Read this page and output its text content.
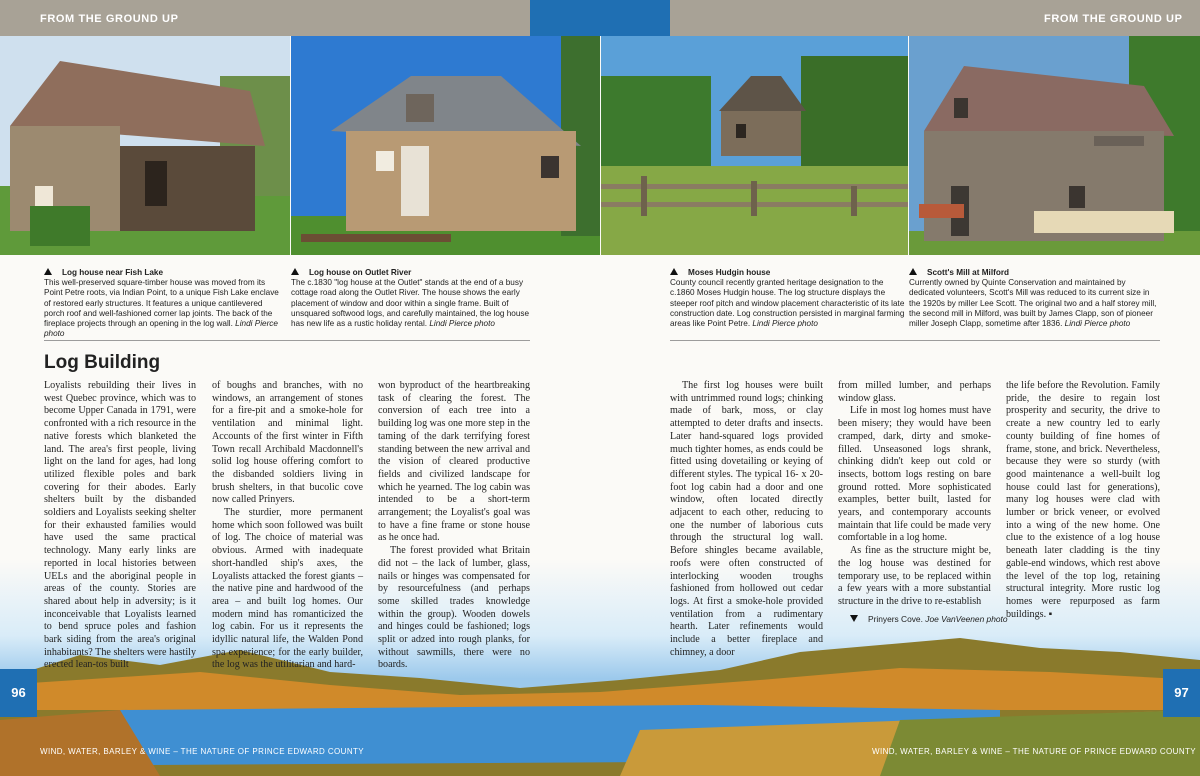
FROM THE GROUND UP	FROM THE GROUND UP
Log house near Fish Lake
This well-preserved square-timber house was moved from its Point Petre roots, via Indian Point, to a unique Fish Lake enclave of restored early structures. It features a unique cantilevered porch roof and well-fashioned corner lap joints. The back of the fireplace projects through an opening in the log wall. Lindi Pierce photo
Log house on Outlet River
The c.1830 "log house at the Outlet" stands at the end of a busy cottage road along the Outlet River. The house shows the early placement of window and door within a single frame. Built of unsquared softwood logs, and carefully maintained, the log house has new life as a rustic holiday rental. Lindi Pierce photo
Moses Hudgin house
County council recently granted heritage designation to the c.1860 Moses Hudgin house. The log structure displays the steeper roof pitch and window placement characteristic of its late construction date. Log construction persisted in marginal farming areas like Point Petre. Lindi Pierce photo
Scott's Mill at Milford
Currently owned by Quinte Conservation and maintained by dedicated volunteers, Scott's Mill was reduced to its current size in the 1920s by miller Lee Scott. The original two and a half storey mill, the second mill in Milford, was built by James Clapp, son of pioneer miller Joseph Clapp, sometime after 1836. Lindi Pierce photo
Log Building

Loyalists rebuilding their lives in west Quebec province, which was to become Upper Canada in 1791, were confronted with a rich resource in the native forests which blanketed the land. The area's first people, living light on the land for ages, had long utilized flexible poles and bark covering for their abodes. Early shelters built by the disbanded soldiers and Loyalists seeking shelter for their exhausted families would have used the same practical technology. Many early links are reported in local histories between UELs and the aboriginal people in areas of the county. Stories are shared about help in adversity; is it inconceivable that Loyalists learned to bend spruce poles and fashion bark siding from the area's original inhabitants? The shelters were hastily erected lean-tos built

of boughs and branches, with no windows, an arrangement of stones for a fire-pit and a smoke-hole for ventilation and minimal light. Accounts of the first winter in Fifth Town recall Archibald Macdonnell's solid log house offering comfort to the disbanded soldiers living in brush shelters, in that bucolic cove now called Prinyers.

The sturdier, more permanent home which soon followed was built of log. The choice of material was obvious. Armed with inadequate short-handled ship's axes, the Loyalists attacked the forest giants – the native pine and hardwood of the area – and built log homes. Our modern mind has romanticized the log cabin. For us it represents the idyllic natural life, the Walden Pond spa experience; for the early builder, the log was the utilitarian and hard-

won byproduct of the heartbreaking task of clearing the forest. The conversion of each tree into a building log was one more step in the taming of the dark terrifying forest standing between the new arrival and the vision of cleared productive fields and civilized landscape for which he yearned. The log cabin was intended to be a short-term arrangement; the Loyalist's goal was to have a fine frame or stone house as he once had.

The forest provided what Britain did not – the lack of lumber, glass, nails or hinges was compensated for by resourcefulness (and perhaps some skilled trades knowledge within the group). Wooden dowels and hinges could be fashioned; logs split or adzed into rough planks, for without sawmills, there were no boards.

The first log houses were built with untrimmed round logs; chinking made of bark, moss, or clay attempted to deter drafts and insects. Later hand-squared logs provided much tighter homes, as ends could be fitted using dovetailing or keying of different styles. The typical 16- x 20-foot log cabin had a door and one window, often located directly adjacent to each other, reducing to one the number of laborious cuts through the structural log wall. Before shingles became available, roofs were often constructed of interlocking wooden troughs fashioned from hollowed out cedar logs. At first a smoke-hole provided ventilation from a rudimentary hearth. Later refinements would include a better fireplace and chimney, a door

from milled lumber, and perhaps window glass.

Life in most log homes must have been misery; they would have been cramped, dark, dirty and smoke-filled. Unseasoned logs shrank, chinking didn't keep out cold or insects, bottom logs resting on bare ground rotted. More sophisticated examples, better built, lasted for years, and contemporary accounts maintain that life could be made very comfortable in a log home.

As fine as the structure might be, the log house was destined for temporary use, to be replaced within a few years with a more substantial structure in the drive to re-establish

the life before the Revolution. Family pride, the desire to regain lost prosperity and security, the drive to create a new country led to early county building of fine homes of frame, stone, and brick. Nevertheless, because they were so sturdy (with good maintenance a well-built log house could last for generations), many log houses were clad with lumber or brick veneer, or evolved into a wing of the new home. One clue to the existence of a log house beneath later cladding is the tiny gable-end windows, which rest above the level of the top log, retaining structural integrity. More rustic log homes were repurposed as farm buildings. ▪

Prinyers Cove. Joe VanVeenen photo
96	97
WIND, WATER, BARLEY & WINE – THE NATURE OF PRINCE EDWARD COUNTY	WIND, WATER, BARLEY & WINE – THE NATURE OF PRINCE EDWARD COUNTY
